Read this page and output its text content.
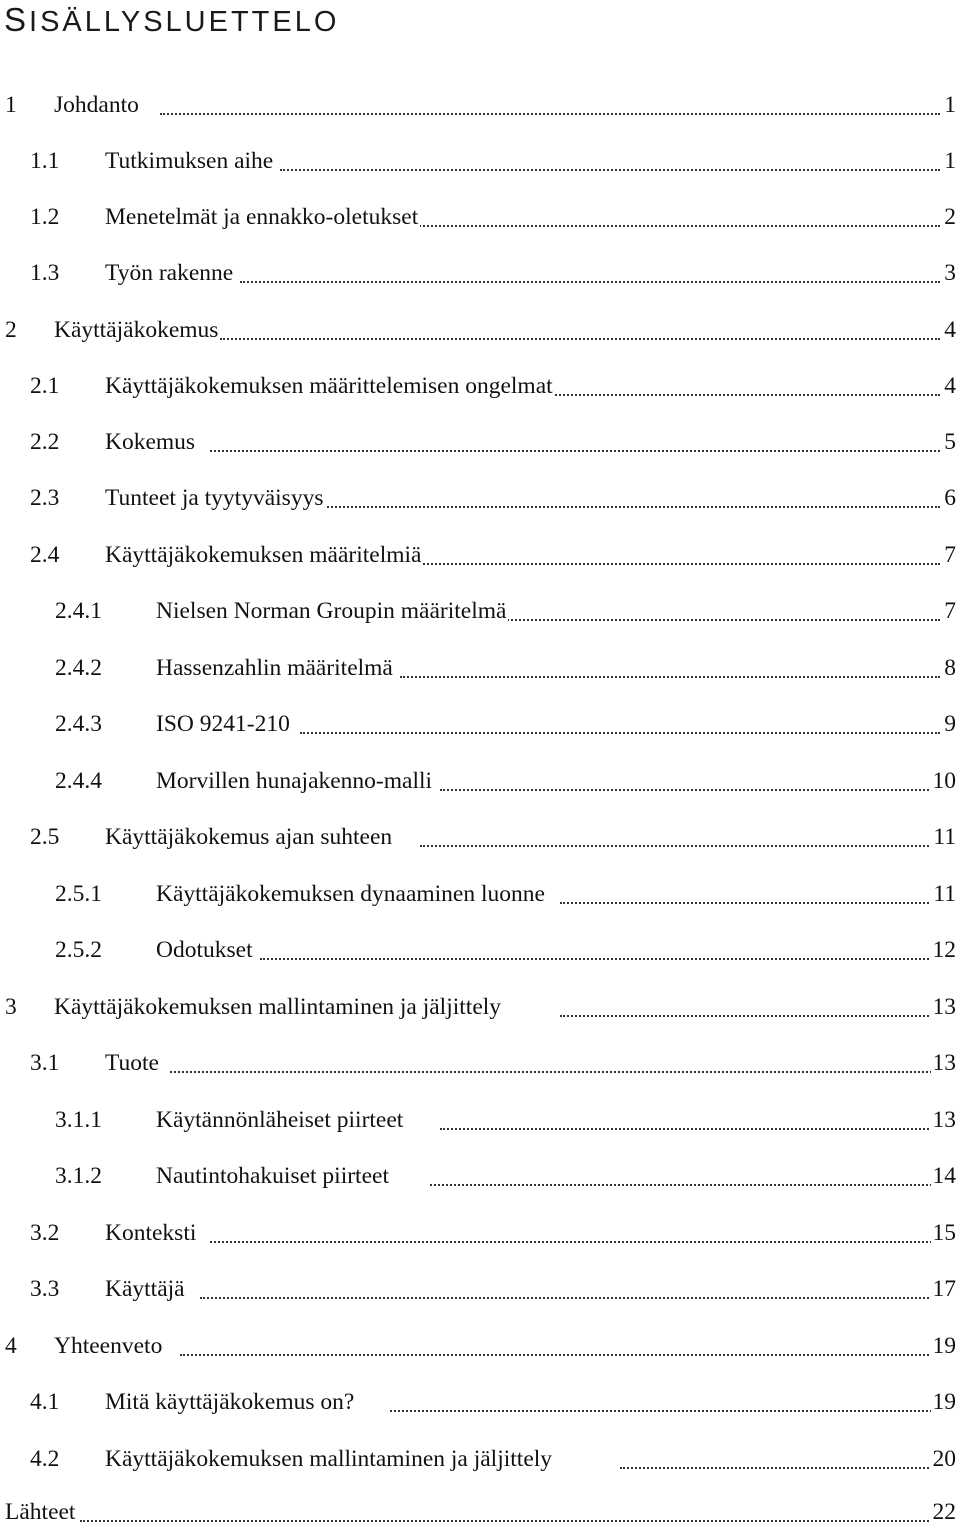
SISÄLLYSLUETTELO
1 Johdanto	1
1.1 Tutkimuksen aihe	1
1.2 Menetelmät ja ennakko-oletukset	2
1.3 Työn rakenne	3
2 Käyttäjäkokemus	4
2.1 Käyttäjäkokemuksen määrittelemisen ongelmat	4
2.2 Kokemus	5
2.3 Tunteet ja tyytyväisyys	6
2.4 Käyttäjäkokemuksen määritelmiä	7
2.4.1 Nielsen Norman Groupin määritelmä	7
2.4.2 Hassenzahlin määritelmä	8
2.4.3 ISO 9241-210	9
2.4.4 Morvillen hunajakenno-malli	10
2.5 Käyttäjäkokemus ajan suhteen	11
2.5.1 Käyttäjäkokemuksen dynaaminen luonne	11
2.5.2 Odotukset	12
3 Käyttäjäkokemuksen mallintaminen ja jäljittely	13
3.1 Tuote	13
3.1.1 Käytännönläheiset piirteet	13
3.1.2 Nautintohakuiset piirteet	14
3.2 Konteksti	15
3.3 Käyttäjä	17
4 Yhteenveto	19
4.1 Mitä käyttäjäkokemus on?	19
4.2 Käyttäjäkokemuksen mallintaminen ja jäljittely	20
Lähteet	22
